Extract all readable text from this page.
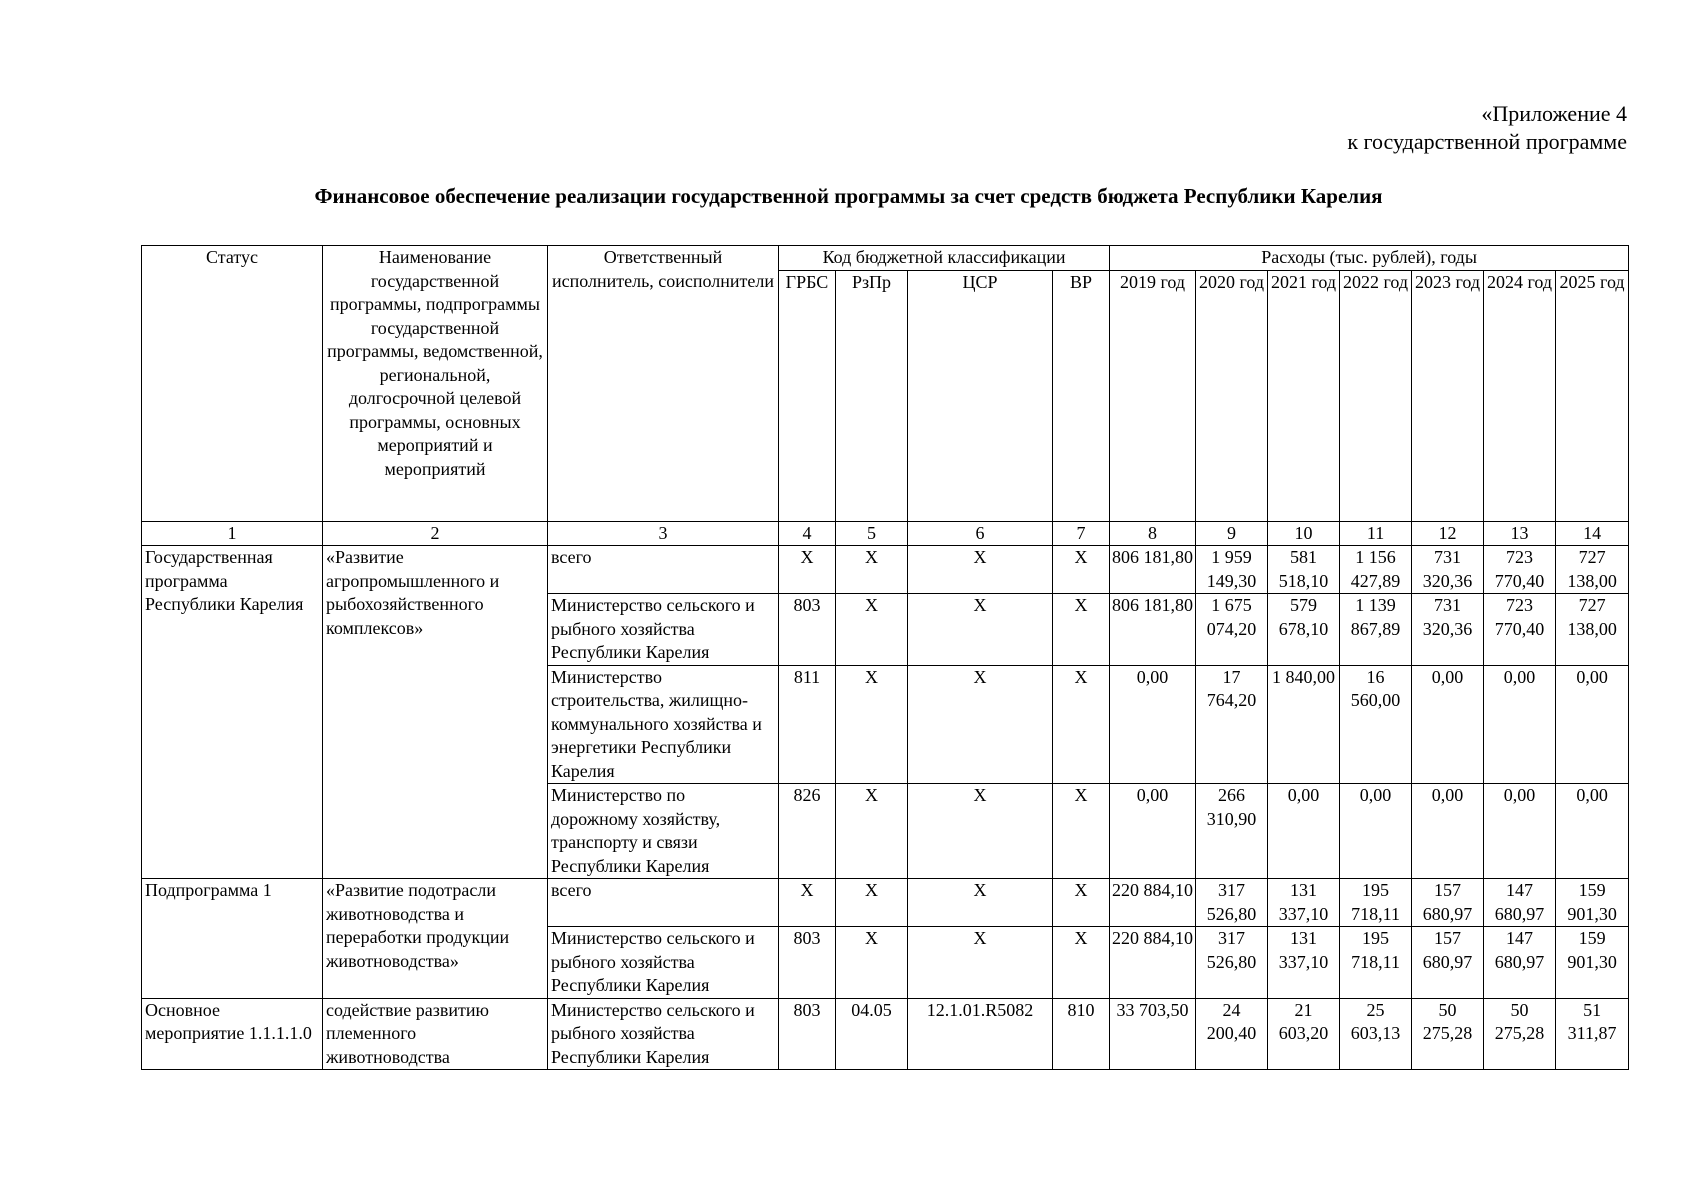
«Приложение 4
к государственной программе
Финансовое обеспечение реализации государственной программы за счет средств бюджета Республики Карелия
Статус	Наименование государственной программы, подпрограммы государственной программы, ведомственной, региональной, долгосрочной целевой программы, основных мероприятий и мероприятий	Ответственный исполнитель, соисполнители	Код бюджетной классификации				Расходы (тыс. рублей), годы						
			ГРБС	РзПр	ЦСР	ВР	2019 год	2020 год	2021 год	2022 год	2023 год	2024 год	2025 год
1	2	3	4	5	6	7	8	9	10	11	12	13	14
Государственная программа Республики Карелия	«Развитие агропромышленного и рыбохозяйственного комплексов»	всего	Х	Х	Х	Х	806 181,80	1 959 149,30	581 518,10	1 156 427,89	731 320,36	723 770,40	727 138,00
		Министерство сельского и рыбного хозяйства Республики Карелия	803	Х	Х	Х	806 181,80	1 675 074,20	579 678,10	1 139 867,89	731 320,36	723 770,40	727 138,00
		Министерство строительства, жилищно-коммунального хозяйства и энергетики Республики Карелия	811	Х	Х	Х	0,00	17 764,20	1 840,00	16 560,00	0,00	0,00	0,00
		Министерство по дорожному хозяйству, транспорту и связи Республики Карелия	826	Х	Х	Х	0,00	266 310,90	0,00	0,00	0,00	0,00	0,00
Подпрограмма 1	«Развитие подотрасли животноводства и переработки продукции животноводства»	всего	Х	Х	Х	Х	220 884,10	317 526,80	131 337,10	195 718,11	157 680,97	147 680,97	159 901,30
		Министерство сельского и рыбного хозяйства Республики Карелия	803	Х	Х	Х	220 884,10	317 526,80	131 337,10	195 718,11	157 680,97	147 680,97	159 901,30
Основное мероприятие 1.1.1.1.0	содействие развитию племенного животноводства	Министерство сельского и рыбного хозяйства Республики Карелия	803	04.05	12.1.01.R5082	810	33 703,50	24 200,40	21 603,20	25 603,13	50 275,28	50 275,28	51 311,87
